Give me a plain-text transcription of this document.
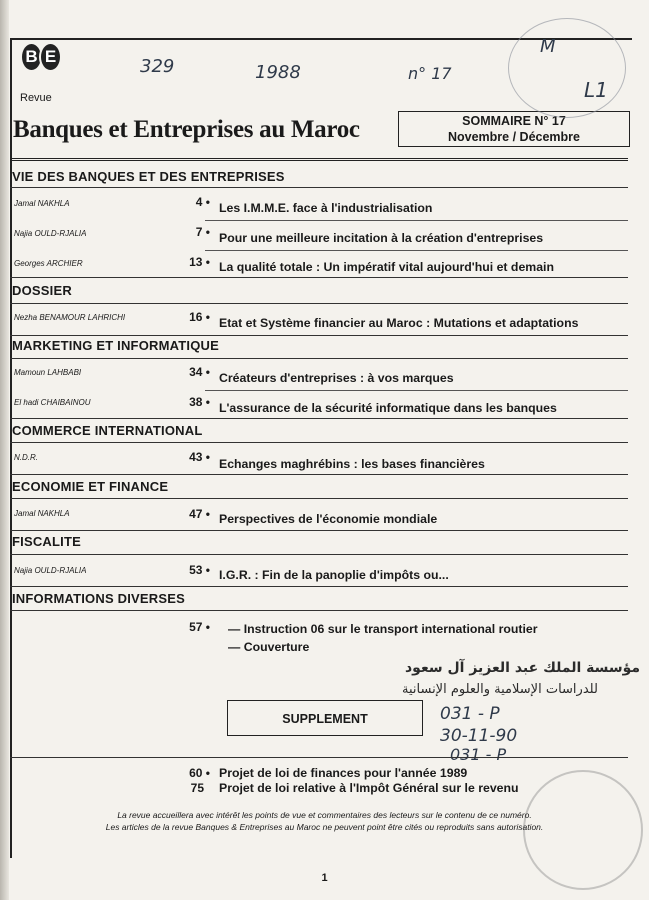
B E
Revue
Banques et Entreprises au Maroc	SOMMAIRE N° 17
Novembre / Décembre
329	1988	n° 17
M
L1
VIE DES BANQUES ET DES ENTREPRISES
Jamal NAKHLA	4 • Les I.M.M.E. face à l'industrialisation
Najia OULD-RJALIA	7 • Pour une meilleure incitation à la création d'entreprises
Georges ARCHIER	13 • La qualité totale : Un impératif vital aujourd'hui et demain
DOSSIER
Nezha BENAMOUR LAHRICHI	16 • Etat et Système financier au Maroc : Mutations et adaptations
MARKETING ET INFORMATIQUE
Mamoun LAHBABI	34 • Créateurs d'entreprises : à vos marques
El hadi CHAIBAINOU	38 • L'assurance de la sécurité informatique dans les banques
COMMERCE INTERNATIONAL
N.D.R.	43 • Echanges maghrébins : les bases financières
ECONOMIE ET FINANCE
Jamal NAKHLA	47 • Perspectives de l'économie mondiale
FISCALITE
Najia OULD-RJALIA	53 • I.G.R. : Fin de la panoplie d'impôts ou...
INFORMATIONS DIVERSES
57 • — Instruction 06 sur le transport international routier
— Couverture
مؤسسة الملك عبد العزيز آل سعود
للدراسات الإسلامية والعلوم الإنسانية
031 - P
30-11-90
031 - P
SUPPLEMENT
60 • Projet de loi de finances pour l'année 1989
75 Projet de loi relative à l'Impôt Général sur le revenu
La revue accueillera avec intérêt les points de vue et commentaires des lecteurs sur le contenu de ce numéro.
Les articles de la revue Banques & Entreprises au Maroc ne peuvent point être cités ou reproduits sans autorisation.
1
